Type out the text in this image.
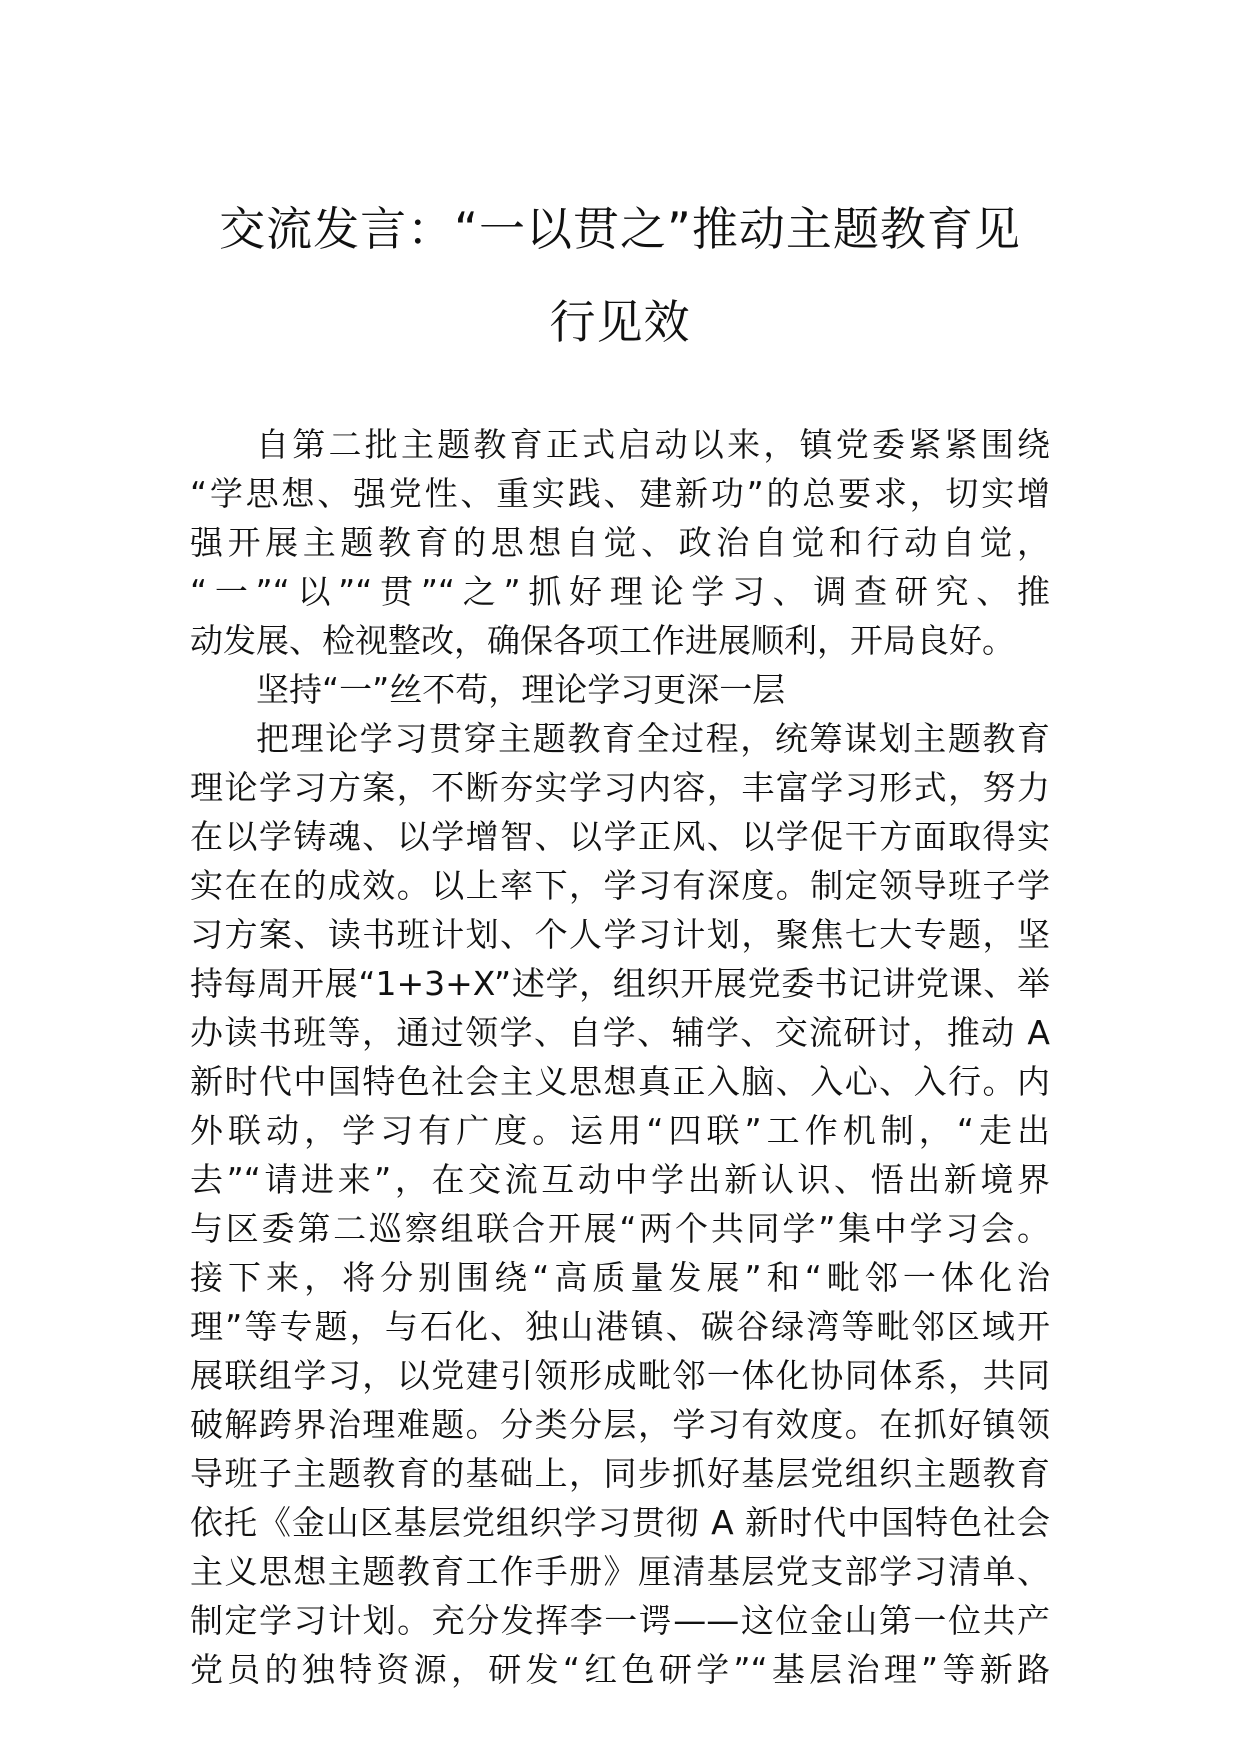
交流发言：“一以贯之”推动主题教育见
行见效
自第二批主题教育正式启动以来，镇党委紧紧围绕
“学思想、强党性、重实践、建新功”的总要求，切实增
强开展主题教育的思想自觉、政治自觉和行动自觉，
“一”“以”“贯”“之”抓好理论学习、调查研究、推
动发展、检视整改，确保各项工作进展顺利，开局良好。
坚持“一”丝不苟，理论学习更深一层
把理论学习贯穿主题教育全过程，统筹谋划主题教育
理论学习方案，不断夯实学习内容，丰富学习形式，努力
在以学铸魂、以学增智、以学正风、以学促干方面取得实
实在在的成效。以上率下，学习有深度。制定领导班子学
习方案、读书班计划、个人学习计划，聚焦七大专题，坚
持每周开展“1+3+X”述学，组织开展党委书记讲党课、举
办读书班等，通过领学、自学、辅学、交流研讨，推动 A
新时代中国特色社会主义思想真正入脑、入心、入行。内
外联动，学习有广度。运用“四联”工作机制，“走出
去”“请进来”，在交流互动中学出新认识、悟出新境界
与区委第二巡察组联合开展“两个共同学”集中学习会。
接下来，将分别围绕“高质量发展”和“毗邻一体化治
理”等专题，与石化、独山港镇、碳谷绿湾等毗邻区域开
展联组学习，以党建引领形成毗邻一体化协同体系，共同
破解跨界治理难题。分类分层，学习有效度。在抓好镇领
导班子主题教育的基础上，同步抓好基层党组织主题教育
依托《金山区基层党组织学习贯彻 A 新时代中国特色社会
主义思想主题教育工作手册》厘清基层党支部学习清单、
制定学习计划。充分发挥李一谔——这位金山第一位共产
党员的独特资源，研发“红色研学”“基层治理”等新路
